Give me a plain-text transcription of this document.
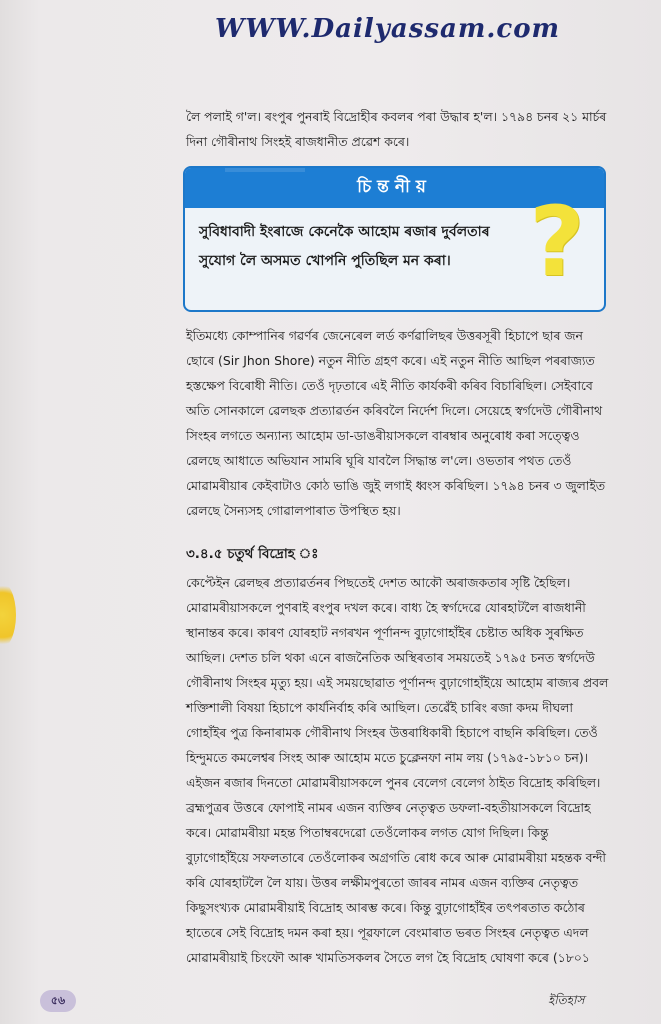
WWW.Dailyassam.com

লৈ পলাই গ'ল। ৰংপুৰ পুনৰাই বিদ্ৰোহীৰ কবলৰ পৰা উদ্ধাৰ হ'ল। ১৭৯৪ চনৰ ২১ মাৰ্চৰ দিনা গৌৰীনাথ সিংহই ৰাজধানীত প্ৰৱেশ কৰে।

চিন্তনীয়

সুবিধাবাদী ইংৰাজে কেনেকৈ আহোম ৰজাৰ দুৰ্বলতাৰ সুযোগ লৈ অসমত খোপনি পুতিছিল মন কৰা। ?

ইতিমধ্যে কোম্পানিৰ গৱৰ্ণৰ জেনেৰেল লৰ্ড কৰ্ণৱালিছৰ উত্তৰসূৰী হিচাপে ছাৰ জন ছোৰে (Sir Jhon Shore) নতুন নীতি গ্ৰহণ কৰে। এই নতুন নীতি আছিল পৰৰাজ্যত হস্তক্ষেপ বিৰোধী নীতি। তেওঁ দৃঢ়তাৰে এই নীতি কাৰ্যকৰী কৰিব বিচাৰিছিল। সেইবাবে অতি সোনকালে ৱেলছক প্ৰত্যাৱৰ্তন কৰিবলৈ নিৰ্দেশ দিলে। সেয়েহে স্বৰ্গদেউ গৌৰীনাথ সিংহৰ লগতে অন্যান্য আহোম ডা-ডাঙৰীয়াসকলে বাৰম্বাৰ অনুৰোধ কৰা সত্ত্বেও ৱেলছে আধাতে অভিযান সামৰি ঘূৰি যাবলৈ সিদ্ধান্ত ল'লে। ওভতাৰ পথত তেওঁ মোৱামৰীয়াৰ কেইবাটাও কোঠ ভাঙি জুই লগাই ধ্বংস কৰিছিল। ১৭৯৪ চনৰ ৩ জুলাইত ৱেলছে সৈন্যসহ গোৱালপাৰাত উপস্থিত হয়।

৩.৪.৫ চতুৰ্থ বিদ্ৰোহ ঃ

কেপ্টেইন ৱেলছৰ প্ৰত্যাৱৰ্তনৰ পিছতেই দেশত আকৌ অৰাজকতাৰ সৃষ্টি হৈছিল। মোৱামৰীয়াসকলে পুণৰাই ৰংপুৰ দখল কৰে। বাধ্য হৈ স্বৰ্গদেৱে যোৰহাটলৈ ৰাজধানী স্থানান্তৰ কৰে। কাৰণ যোৰহাট নগৰখন পূৰ্ণানন্দ বুঢ়াগোহাঁইৰ চেষ্টাত অধিক সুৰক্ষিত আছিল। দেশত চলি থকা এনে ৰাজনৈতিক অস্থিৰতাৰ সময়তেই ১৭৯৫ চনত স্বৰ্গদেউ গৌৰীনাথ সিংহৰ মৃত্যু হয়। এই সময়ছোৱাত পূৰ্ণানন্দ বুঢ়াগোহাঁইয়ে আহোম ৰাজ্যৰ প্ৰবল শক্তিশালী বিষয়া হিচাপে কাৰ্যনিৰ্বাহ কৰি আছিল। তেৱেঁই চাৰিং ৰজা কদম দীঘলা গোহাঁইৰ পুত্ৰ কিনাৰামক গৌৰীনাথ সিংহৰ উত্তৰাধিকাৰী হিচাপে বাছনি কৰিছিল। তেওঁ হিন্দুমতে কমলেশ্বৰ সিংহ আৰু আহোম মতে চুক্লেনফা নাম লয় (১৭৯৫-১৮১০ চন)। এইজন ৰজাৰ দিনতো মোৱামৰীয়াসকলে পুনৰ বেলেগ বেলেগ ঠাইত বিদ্ৰোহ কৰিছিল। ব্ৰহ্মপুত্ৰৰ উত্তৰে ফোপাই নামৰ এজন ব্যক্তিৰ নেতৃত্বত ডফলা-বহতীয়াসকলে বিদ্ৰোহ কৰে। মোৱামৰীয়া মহন্ত পিতাম্বৰদেৱো তেওঁলোকৰ লগত যোগ দিছিল। কিন্তু বুঢ়াগোহাঁইয়ে সফলতাৰে তেওঁলোকৰ অগ্ৰগতি ৰোধ কৰে আৰু মোৱামৰীয়া মহন্তক বন্দী কৰি যোৰহাটলৈ লৈ যায়। উত্তৰ লক্ষীমপুৰতো জাৰৰ নামৰ এজন ব্যক্তিৰ নেতৃত্বত কিছুসংখ্যক মোৱামৰীয়াই বিদ্ৰোহ আৰম্ভ কৰে। কিন্তু বুঢ়াগোহাঁইৰ তৎপৰতাত কঠোৰ হাতেৰে সেই বিদ্ৰোহ দমন কৰা হয়। পূৱফালে বেংমাৰাত ভৰত সিংহৰ নেতৃত্বত এদল মোৱামৰীয়াই চিংফৌ আৰু খামতিসকলৰ সৈতে লগ হৈ বিদ্ৰোহ ঘোষণা কৰে (১৮০১

৫৬	ইতিহাস
